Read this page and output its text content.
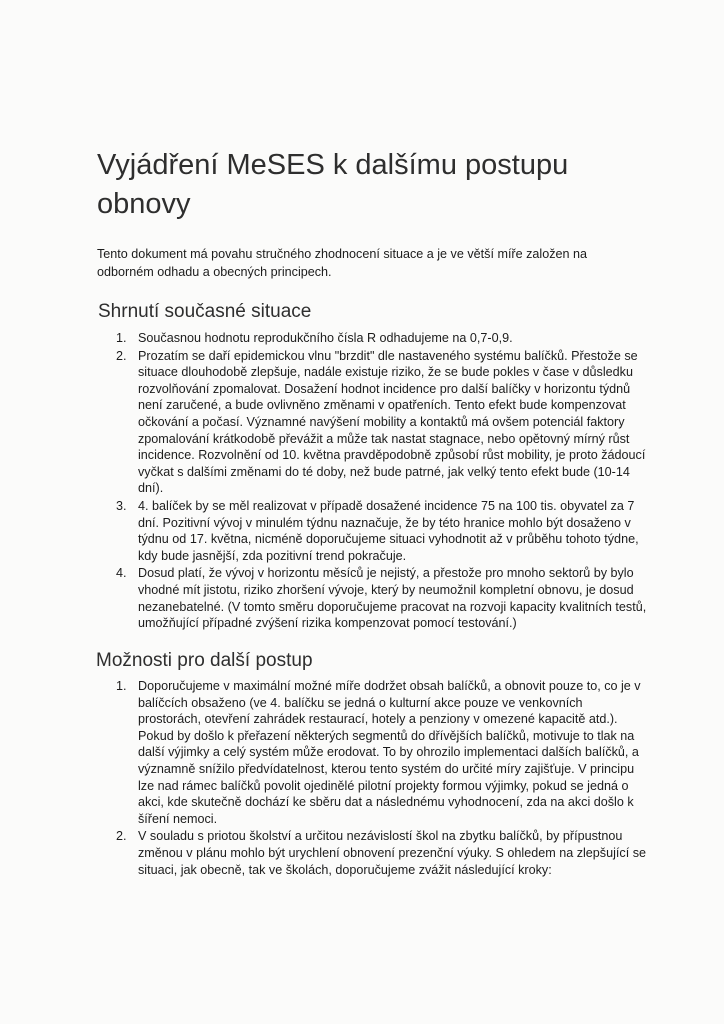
Vyjádření MeSES k dalšímu postupu obnovy

Tento dokument má povahu stručného zhodnocení situace a je ve větší míře založen na odborném odhadu a obecných principech.

Shrnutí současné situace
1. Současnou hodnotu reprodukčního čísla R odhadujeme na 0,7-0,9.
2. Prozatím se daří epidemickou vlnu "brzdit" dle nastaveného systému balíčků. Přestože se situace dlouhodobě zlepšuje, nadále existuje riziko, že se bude pokles v čase v důsledku rozvolňování zpomalovat. Dosažení hodnot incidence pro další balíčky v horizontu týdnů není zaručené, a bude ovlivněno změnami v opatřeních. Tento efekt bude kompenzovat očkování a počasí. Významné navýšení mobility a kontaktů má ovšem potenciál faktory zpomalování krátkodobě převážit a může tak nastat stagnace, nebo opětovný mírný růst incidence. Rozvolnění od 10. května pravděpodobně způsobí růst mobility, je proto žádoucí vyčkat s dalšími změnami do té doby, než bude patrné, jak velký tento efekt bude (10-14 dní).
3. 4. balíček by se měl realizovat v případě dosažené incidence 75 na 100 tis. obyvatel za 7 dní. Pozitivní vývoj v minulém týdnu naznačuje, že by této hranice mohlo být dosaženo v týdnu od 17. května, nicméně doporučujeme situaci vyhodnotit až v průběhu tohoto týdne, kdy bude jasnější, zda pozitivní trend pokračuje.
4. Dosud platí, že vývoj v horizontu měsíců je nejistý, a přestože pro mnoho sektorů by bylo vhodné mít jistotu, riziko zhoršení vývoje, který by neumožnil kompletní obnovu, je dosud nezanebatelné. (V tomto směru doporučujeme pracovat na rozvoji kapacity kvalitních testů, umožňující případné zvýšení rizika kompenzovat pomocí testování.)
Možnosti pro další postup
1. Doporučujeme v maximální možné míře dodržet obsah balíčků, a obnovit pouze to, co je v balíčcích obsaženo (ve 4. balíčku se jedná o kulturní akce pouze ve venkovních prostorách, otevření zahrádek restaurací, hotely a penziony v omezené kapacitě atd.). Pokud by došlo k přeřazení některých segmentů do dřívějších balíčků, motivuje to tlak na další výjimky a celý systém může erodovat. To by ohrozilo implementaci dalších balíčků, a významně snížilo předvídatelnost, kterou tento systém do určité míry zajišťuje. V principu lze nad rámec balíčků povolit ojedinělé pilotní projekty formou výjimky, pokud se jedná o akci, kde skutečně dochází ke sběru dat a následnému vyhodnocení, zda na akci došlo k šíření nemoci.
2. V souladu s priotou školství a určitou nezávislostí škol na zbytku balíčků, by přípustnou změnou v plánu mohlo být urychlení obnovení prezenční výuky. S ohledem na zlepšující se situaci, jak obecně, tak ve školách, doporučujeme zvážit následující kroky:
